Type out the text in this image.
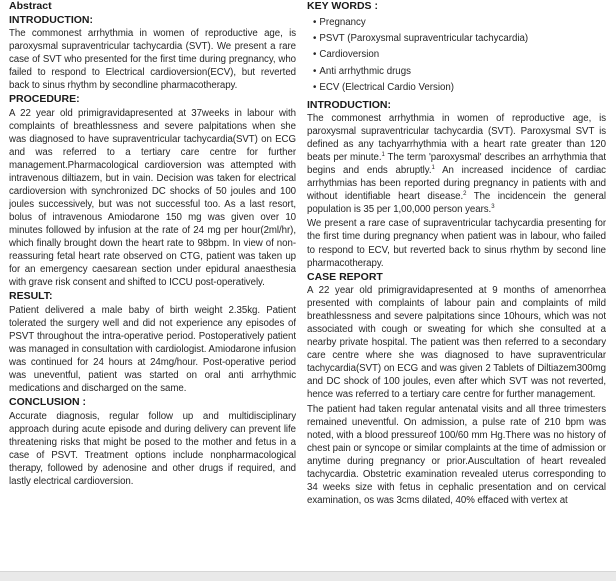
Abstract

INTRODUCTION:

The commonest arrhythmia in women of reproductive age, is paroxysmal supraventricular tachycardia (SVT). We present a rare case of SVT who presented for the first time during pregnancy, who failed to respond to Electrical cardioversion(ECV), but reverted back to sinus rhythm by secondline pharmacotherapy.

PROCEDURE:

A 22 year old primigravidapresented at 37weeks in labour with complaints of breathlessness and severe palpitations when she was diagnosed to have supraventricular tachycardia(SVT) on ECG and was referred to a tertiary care centre for further management.Pharmacological cardioversion was attempted with intravenous diltiazem, but in vain. Decision was taken for electrical cardioversion with synchronized DC shocks of 50 joules and 100 joules successively, but was not successful too. As a last resort, bolus of intravenous Amiodarone 150 mg was given over 10 minutes followed by infusion at the rate of 24 mg per hour(2ml/hr), which finally brought down the heart rate to 98bpm. In view of non-reassuring fetal heart rate observed on CTG, patient was taken up for an emergency caesarean section under epidural anaesthesia with grave risk consent and shifted to ICCU post-operatively.

RESULT:

Patient delivered a male baby of birth weight 2.35kg. Patient tolerated the surgery well and did not experience any episodes of PSVT throughout the intra-operative period. Postoperatively patient was managed in consultation with cardiologist. Amiodarone infusion was continued for 24 hours at 24mg/hour. Post-operative period was uneventful, patient was started on oral anti arrhythmic medications and discharged on the same.

CONCLUSION :

Accurate diagnosis, regular follow up and multidisciplinary approach during acute episode and during delivery can prevent life threatening risks that might be posed to the mother and fetus in a case of PSVT. Treatment options include nonpharmacological therapy, followed by adenosine and other drugs if required, and lastly electrical cardioversion.

KEY WORDS :

• Pregnancy
• PSVT (Paroxysmal supraventricular tachycardia)
• Cardioversion
• Anti arrhythmic drugs
• ECV (Electrical Cardio Version)

INTRODUCTION:

The commonest arrhythmia in women of reproductive age, is paroxysmal supraventricular tachycardia (SVT). Paroxysmal SVT is defined as any tachyarrhythmia with a heart rate greater than 120 beats per minute.$^1$ The term 'paroxysmal' describes an arrhythmia that begins and ends abruptly.$^1$ An increased incidence of cardiac arrhythmias has been reported during pregnancy in patients with and without identifiable heart disease.$^2$ The incidencein the general population is 35 per 1,00,000 person years.$^3$

We present a rare case of supraventricular tachycardia presenting for the first time during pregnancy when patient was in labour, who failed to respond to ECV, but reverted back to sinus rhythm by second line pharmacotherapy.

CASE REPORT

A 22 year old primigravidapresented at 9 months of amenorrhea presented with complaints of labour pain and complaints of mild breathlessness and severe palpitations since 10hours, which was not associated with cough or sweating for which she consulted at a nearby private hospital. The patient was then referred to a secondary care centre where she was diagnosed to have supraventricular tachycardia(SVT) on ECG and was given 2 Tablets of Diltiazem300mg and DC shock of 100 joules, even after which SVT was not reverted, hence was referred to a tertiary care centre for further management.

The patient had taken regular antenatal visits and all three trimesters remained uneventful. On admission, a pulse rate of 210 bpm was noted, with a blood pressureof 100/60 mm Hg.There was no history of chest pain or syncope or similar complaints at the time of admission or anytime during pregnancy or prior.Auscultation of heart revealed tachycardia. Obstetric examination revealed uterus corresponding to 34 weeks size with fetus in cephalic presentation and on cervical examination, os was 3cms dilated, 40% effaced with vertex at
